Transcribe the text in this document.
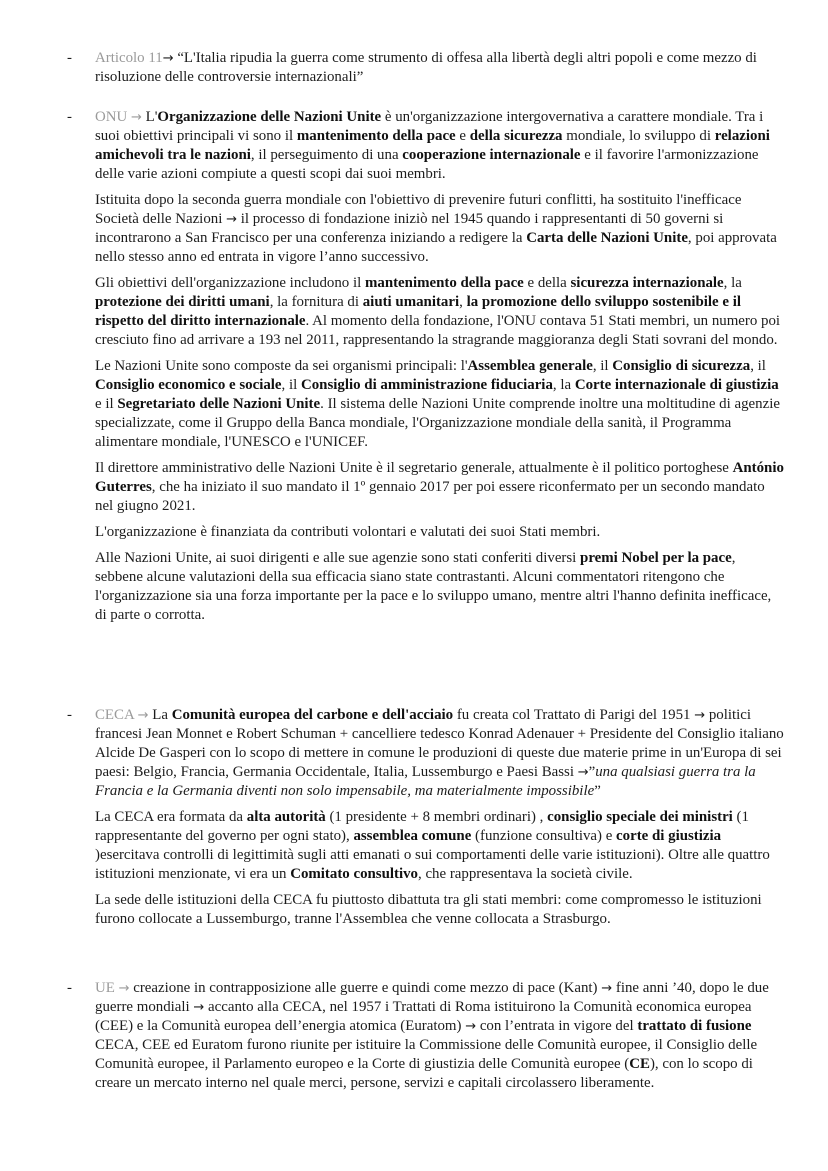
- Articolo 11→ “L'Italia ripudia la guerra come strumento di offesa alla libertà degli altri popoli e come mezzo di risoluzione delle controversie internazionali”

- ONU → L'Organizzazione delle Nazioni Unite è un'organizzazione intergovernativa a carattere mondiale. Tra i suoi obiettivi principali vi sono il mantenimento della pace e della sicurezza mondiale, lo sviluppo di relazioni amichevoli tra le nazioni, il perseguimento di una cooperazione internazionale e il favorire l'armonizzazione delle varie azioni compiute a questi scopi dai suoi membri.

Istituita dopo la seconda guerra mondiale con l'obiettivo di prevenire futuri conflitti, ha sostituito l'inefficace Società delle Nazioni → il processo di fondazione iniziò nel 1945 quando i rappresentanti di 50 governi si incontrarono a San Francisco per una conferenza iniziando a redigere la Carta delle Nazioni Unite, poi approvata nello stesso anno ed entrata in vigore l’anno successivo.

Gli obiettivi dell'organizzazione includono il mantenimento della pace e della sicurezza internazionale, la protezione dei diritti umani, la fornitura di aiuti umanitari, la promozione dello sviluppo sostenibile e il rispetto del diritto internazionale. Al momento della fondazione, l'ONU contava 51 Stati membri, un numero poi cresciuto fino ad arrivare a 193 nel 2011, rappresentando la stragrande maggioranza degli Stati sovrani del mondo.

Le Nazioni Unite sono composte da sei organismi principali: l'Assemblea generale, il Consiglio di sicurezza, il Consiglio economico e sociale, il Consiglio di amministrazione fiduciaria, la Corte internazionale di giustizia e il Segretariato delle Nazioni Unite. Il sistema delle Nazioni Unite comprende inoltre una moltitudine di agenzie specializzate, come il Gruppo della Banca mondiale, l'Organizzazione mondiale della sanità, il Programma alimentare mondiale, l'UNESCO e l'UNICEF.

Il direttore amministrativo delle Nazioni Unite è il segretario generale, attualmente è il politico portoghese António Guterres, che ha iniziato il suo mandato il 1º gennaio 2017 per poi essere riconfermato per un secondo mandato nel giugno 2021.

L'organizzazione è finanziata da contributi volontari e valutati dei suoi Stati membri.

Alle Nazioni Unite, ai suoi dirigenti e alle sue agenzie sono stati conferiti diversi premi Nobel per la pace, sebbene alcune valutazioni della sua efficacia siano state contrastanti. Alcuni commentatori ritengono che l'organizzazione sia una forza importante per la pace e lo sviluppo umano, mentre altri l'hanno definita inefficace, di parte o corrotta.

- CECA → La Comunità europea del carbone e dell'acciaio fu creata col Trattato di Parigi del 1951 → politici francesi Jean Monnet e Robert Schuman + cancelliere tedesco Konrad Adenauer + Presidente del Consiglio italiano Alcide De Gasperi con lo scopo di mettere in comune le produzioni di queste due materie prime in un'Europa di sei paesi: Belgio, Francia, Germania Occidentale, Italia, Lussemburgo e Paesi Bassi →”una qualsiasi guerra tra la Francia e la Germania diventi non solo impensabile, ma materialmente impossibile”

La CECA era formata da alta autorità (1 presidente + 8 membri ordinari) , consiglio speciale dei ministri (1 rappresentante del governo per ogni stato), assemblea comune (funzione consultiva) e corte di giustizia )esercitava controlli di legittimità sugli atti emanati o sui comportamenti delle varie istituzioni). Oltre alle quattro istituzioni menzionate, vi era un Comitato consultivo, che rappresentava la società civile.

La sede delle istituzioni della CECA fu piuttosto dibattuta tra gli stati membri: come compromesso le istituzioni furono collocate a Lussemburgo, tranne l'Assemblea che venne collocata a Strasburgo.

- UE → creazione in contrapposizione alle guerre e quindi come mezzo di pace (Kant) → fine anni ’40, dopo le due guerre mondiali → accanto alla CECA, nel 1957 i Trattati di Roma istituirono la Comunità economica europea (CEE) e la Comunità europea dell’energia atomica (Euratom) → con l’entrata in vigore del trattato di fusione CECA, CEE ed Euratom furono riunite per istituire la Commissione delle Comunità europee, il Consiglio delle Comunità europee, il Parlamento europeo e la Corte di giustizia delle Comunità europee (CE), con lo scopo di creare un mercato interno nel quale merci, persone, servizi e capitali circolassero liberamente.
